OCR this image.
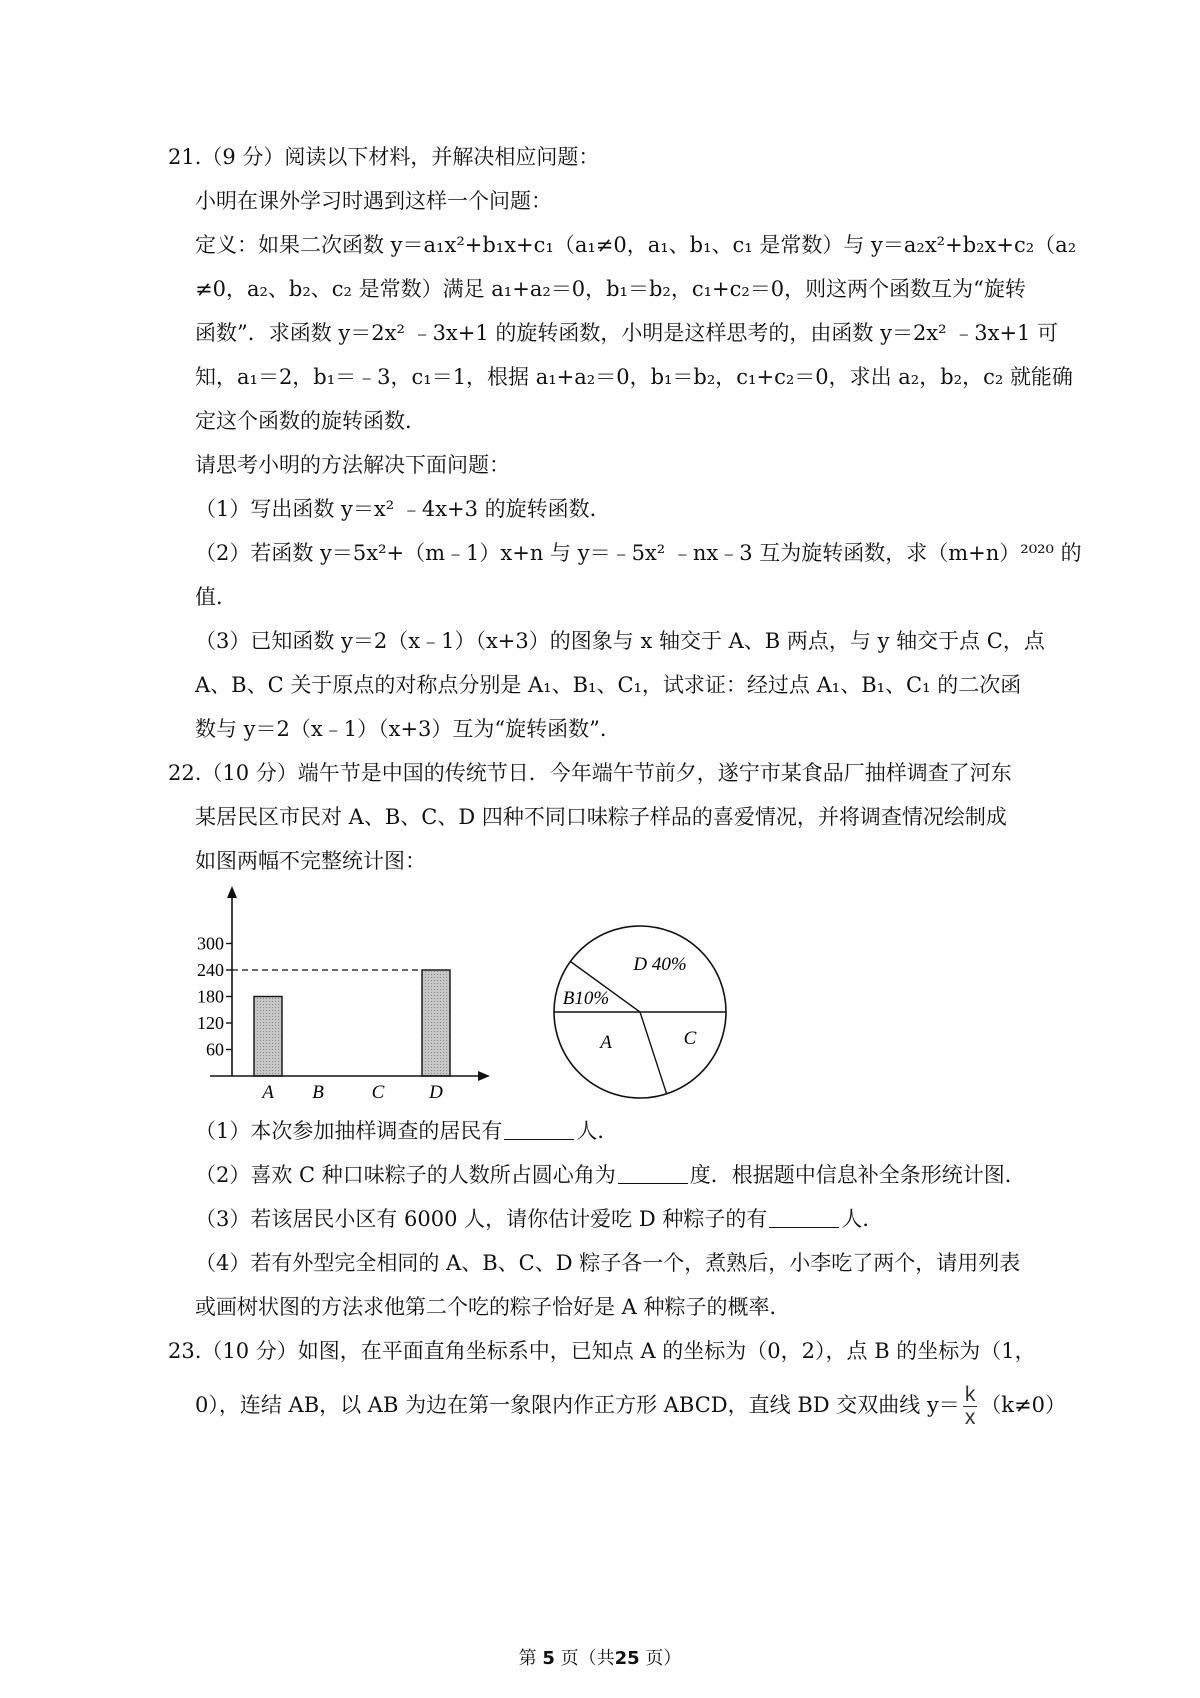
21.（9 分）阅读以下材料，并解决相应问题：
小明在课外学习时遇到这样一个问题：
定义：如果二次函数 y＝a₁x²+b₁x+c₁（a₁≠0，a₁、b₁、c₁ 是常数）与 y＝a₂x²+b₂x+c₂（a₂
≠0，a₂、b₂、c₂ 是常数）满足 a₁+a₂＝0，b₁＝b₂，c₁+c₂＝0，则这两个函数互为“旋转
函数”．求函数 y＝2x² ﹣3x+1 的旋转函数，小明是这样思考的，由函数 y＝2x² ﹣3x+1 可
知，a₁＝2，b₁＝﹣3，c₁＝1，根据 a₁+a₂＝0，b₁＝b₂，c₁+c₂＝0，求出 a₂，b₂，c₂ 就能确
定这个函数的旋转函数．
请思考小明的方法解决下面问题：
（1）写出函数 y＝x² ﹣4x+3 的旋转函数．
（2）若函数 y＝5x²+（m﹣1）x+n 与 y＝﹣5x² ﹣nx﹣3 互为旋转函数，求（m+n）²⁰²⁰ 的
值．
（3）已知函数 y＝2（x﹣1）（x+3）的图象与 x 轴交于 A、B 两点，与 y 轴交于点 C，点
A、B、C 关于原点的对称点分别是 A₁、B₁、C₁，试求证：经过点 A₁、B₁、C₁ 的二次函
数与 y＝2（x﹣1）（x+3）互为“旋转函数”．
22.（10 分）端午节是中国的传统节日．今年端午节前夕，遂宁市某食品厂抽样调查了河东
某居民区市民对 A、B、C、D 四种不同口味粽子样品的喜爱情况，并将调查情况绘制成
如图两幅不完整统计图：
60
120
180
240
300
A B	C D
D 40%
B10%
A	C
（1）本次参加抽样调查的居民有	人．
（2）喜欢 C 种口味粽子的人数所占圆心角为	度．根据题中信息补全条形统计图．
（3）若该居民小区有 6000 人，请你估计爱吃 D 种粽子的有	人．
（4）若有外型完全相同的 A、B、C、D 粽子各一个，煮熟后，小李吃了两个，请用列表
或画树状图的方法求他第二个吃的粽子恰好是 A 种粽子的概率．
23.（10 分）如图，在平面直角坐标系中，已知点 A 的坐标为（0，2），点 B 的坐标为（1，
0），连结 AB，以 AB 为边在第一象限内作正方形 ABCD，直线 BD 交双曲线 $y= \frac{k}{x} (k\ne 0)$
第 5 页（共25 页）
